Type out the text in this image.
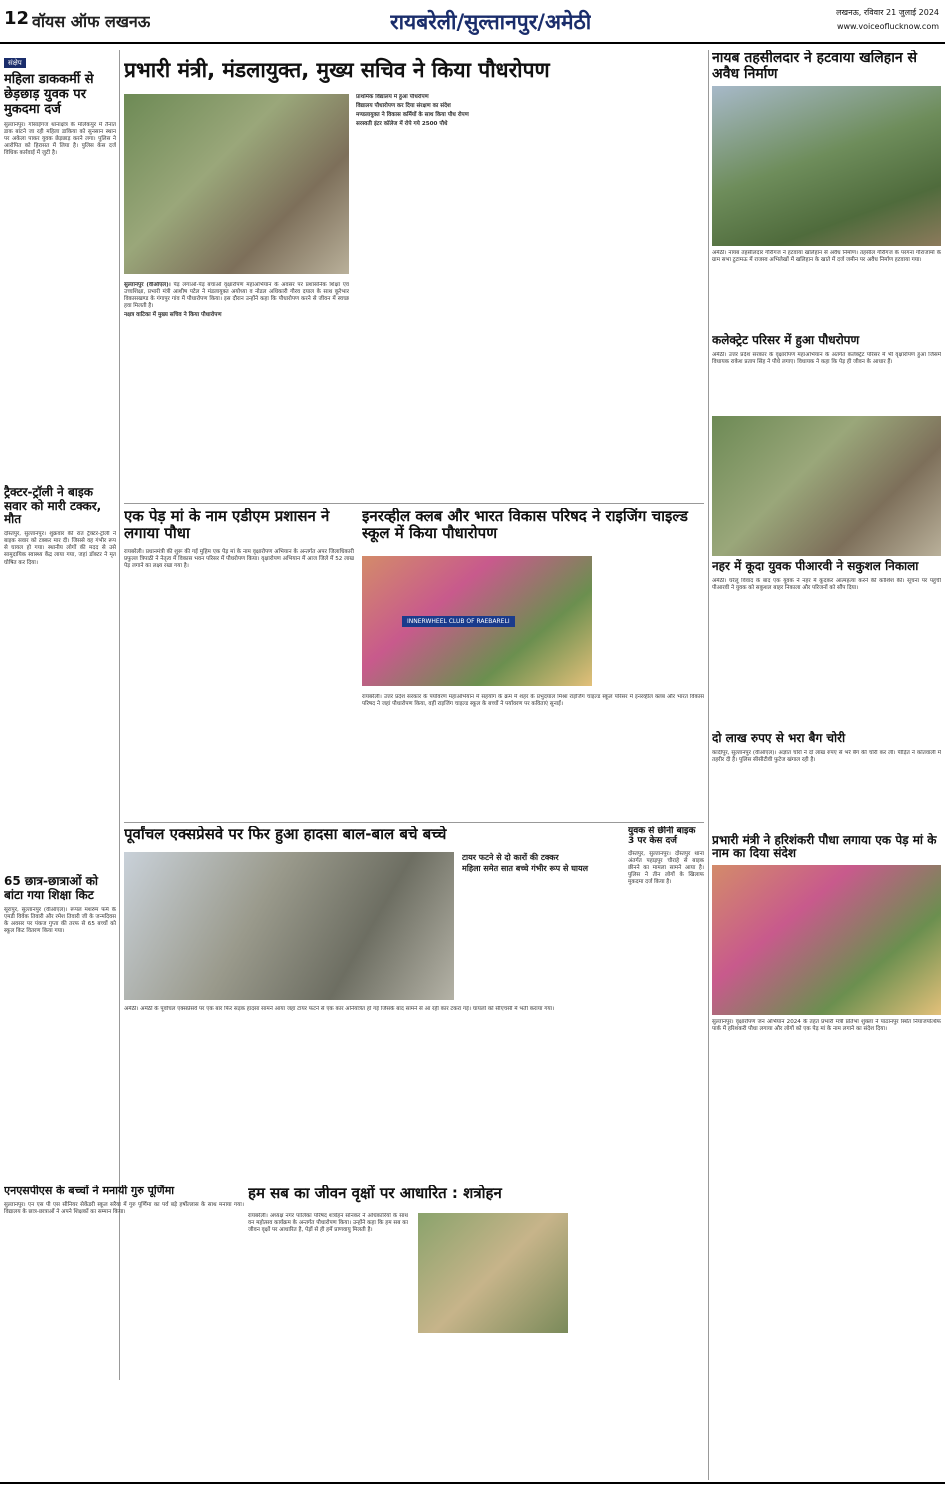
12 वॉयस ऑफ लखनऊ	रायबरेली/सुल्तानपुर/अमेठी	लखनऊ, रविवार 21 जुलाई 2024
www.voiceoflucknow.com
संक्षेप
महिला डाककर्मी से छेड़छाड़ युवक पर मुकदमा दर्ज
सुल्तानपुर। गोसाईगंज थानाक्षेत्र के मलिकपुर में तैनात डाक बांटने जा रही महिला डाकिया को सुनसान स्थान पर अकेला पाकर युवक छेड़छाड़ करने लगा। पुलिस ने आरोपित को हिरासत में लिया है। पुलिस केस दर्ज विधिक कार्रवाई में जुटी है।
ट्रैक्टर-ट्रॉली ने बाइक सवार को मारी टक्कर, मौत
दोस्तपुर, सुल्तानपुर। शुक्रवार की रात ट्रैक्टर-ट्रॉली ने बाइक सवार को टक्कर मार दी। जिससे वह गंभीर रूप से घायल हो गया। स्थानीय लोगों की मदद से उसे सामुदायिक स्वास्थ्य केंद्र लाया गया, जहां डॉक्टर ने मृत घोषित कर दिया।
65 छात्र-छात्राओं को बांटा गया शिक्षा किट
सूरापुर, सुल्तानपुर (वीऑएल)। रूपल मशरुम फर्म के एमडी विवेक तिवारी और रमेश तिवारी जी के जन्मदिवस के अवसर पर पंकज गुप्ता की तरफ से 65 बच्चों को स्कूल किट वितरण किया गया।
प्रभारी मंत्री, मंडलायुक्त, मुख्य सचिव ने किया पौधरोपण

सुल्तानपुर (वीऑएल)। पेड़ लगाओ-पेड़ बचाओ वृक्षारोपण महाअभियान के अवसर पर प्रशासनिक शिक्षा एवं उच्चशिक्षा, प्रभारी मंत्री आशीष पटेल ने मंडलायुक्त अयोध्या व नोडल अधिकारी गौरव दयाल के साथ कूरेभार विकासखण्ड के गंगापुर गांव में पौधारोपण किया। इस दौरान उन्होंने कहा कि पौधारोपण करने से जीवन में स्वच्छ हवा मिलती है।

नक्षत्र वाटिका में मुख्य सचिव ने किया पौधारोपण

प्राथमिक विद्यालय में हुआ पौधरोपण

विद्यालय पौधारोपण कर दिया संरक्षण का संदेश

मण्डलायुक्त ने विकास कर्मियों के साथ किया पौध रोपण

सरस्वती इंटर कॉलेज में रोपे गये 2500 पौधे

एक पेड़ मां के नाम एडीएम प्रशासन ने लगाया पौधा
रायबरेली। प्रधानमंत्री की शुरू की गई मुहिम एक पेड़ मां के नाम वृक्षारोपण अभियान के अन्तर्गत अपर जिलाधिकारी प्रफुल्ल त्रिपाठी ने नेतृत्व में विकास भवन परिसर में पौधरोपण किया। वृक्षारोपण अभियान में आज जिले में 52 लाख पेड़ लगाने का लक्ष्य रखा गया है।
इनरव्हील क्लब और भारत विकास परिषद ने राइजिंग चाइल्ड स्कूल में किया पौधारोपण
INNERWHEEL CLUB OF RAEBARELI
रायबरेली। उत्तर प्रदेश सरकार के पर्यावरण महाअभियान में सहयोग के क्रम में शहर के प्रभुदयाल मिश्रा राइजिंग चाइल्ड स्कूल परिसर में इनरव्हील क्लब और भारत विकास परिषद ने जहां पौधारोपण किया, वहीं राइजिंग चाइल्ड स्कूल के बच्चों ने पर्यावरण पर कविताएं सुनाईं।
पूर्वांचल एक्सप्रेसवे पर फिर हुआ हादसा बाल-बाल बचे बच्चे
टायर फटने से दो कारों की टक्कर
महिला समेत सात बच्चे गंभीर रूप से घायल
अमेठी। अमेठी के पूर्वांचल एक्सप्रेसवे पर एक बार फिर सड़क हादसा सामने आया जहां टायर फटने से एक कार अनियंत्रित हो गई जिसके बाद सामने से आ रही कार टकरा गई। घायलों को सीएचसी में भर्ती कराया गया।
युवक से छीनी बाइक 3 पर केस दर्ज
दोस्तपुर, सुल्तानपुर। दोस्तपुर थाना अंतर्गत पहाड़पुर चौराहे से बाइक छीनने का मामला सामने आया है। पुलिस ने तीन लोगों के खिलाफ मुकदमा दर्ज किया है।
एनएसपीएस के बच्चों ने मनायी गुरु पूर्णिमा
सुल्तानपुर। एन एस पी एस सीनियर सेकेंडरी स्कूल सरैया में गुरु पूर्णिमा का पर्व बड़े हर्षोल्लास के साथ मनाया गया। विद्यालय के छात्र-छात्राओं ने अपने शिक्षकों का सम्मान किया।
हम सब का जीवन वृक्षों पर आधारित : शत्रोहन
रायबरेली। अध्यक्ष नगर पालिका परिषद शत्रोहन सोनकर ने अधिकारियों के साथ वन महोत्सव कार्यक्रम के अन्तर्गत पौधारोपण किया। उन्होंने कहा कि हम सब का जीवन वृक्षों पर आधारित है, पेड़ों से ही हमें प्राणवायु मिलती है।
नायब तहसीलदार ने हटवाया खलिहान से अवैध निर्माण
अमेठी। नायब तहसीलदार गौरीगंज ने हटवाया खलिहान से अवैध निर्माण। तहसील गौरीगंज के परगना गौराजामो के ग्राम सभा टुटामऊ में राजस्व अभिलेखों में खलिहान के खाते में दर्ज जमीन पर अवैध निर्माण हटवाया गया।
कलेक्ट्रेट परिसर में हुआ पौधरोपण
अमेठी। उत्तर प्रदेश सरकार के वृक्षारोपण महाअभियान के अंतर्गत कलेक्ट्रेट परिसर में भी वृक्षारोपण हुआ जिसमें विधायक राकेश प्रताप सिंह ने पौधे लगाए। विधायक ने कहा कि पेड़ ही जीवन के आधार हैं।
नहर में कूदा युवक पीआरवी ने सकुशल निकाला
अमेठी। घरेलू विवाद के बाद एक युवक ने नहर में कूदकर आत्महत्या करने की कोशिश की। सूचना पर पहुंची पीआरवी ने युवक को सकुशल बाहर निकाला और परिजनों को सौंप दिया।
दो लाख रुपए से भरा बैग चोरी
कादीपुर, सुल्तानपुर (वीऑएल)। अज्ञात चोरों ने दो लाख रुपए से भरे बैग की चोरी कर ली। पीड़ित ने कोतवाली में तहरीर दी है। पुलिस सीसीटीवी फुटेज खंगाल रही है।
प्रभारी मंत्री ने हरिशंकरी पौधा लगाया एक पेड़ मां के नाम का दिया संदेश
सुल्तानपुर। वृक्षारोपण जन अभियान 2024 के तहत प्रभारी मंत्री प्रतिभा शुक्ला ने पाठानपुर स्थित नियाजपत्थिफ पार्क में हरिशंकरी पौधा लगाया और लोगों को एक पेड़ मां के नाम लगाने का संदेश दिया।
